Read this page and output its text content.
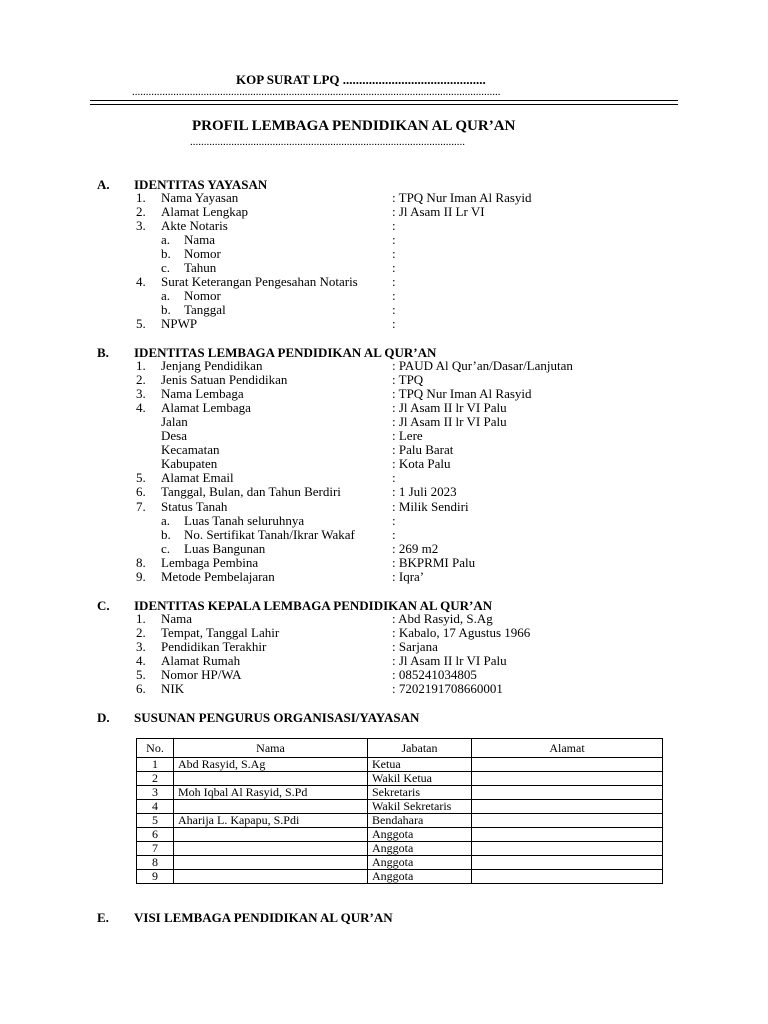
KOP SURAT LPQ ............................................
......................................................................................................................................
PROFIL LEMBAGA PENDIDIKAN AL QUR’AN
....................................................................................................
A. IDENTITAS YAYASAN
1. Nama Yayasan	: TPQ Nur Iman Al Rasyid
2. Alamat Lengkap	: Jl Asam II Lr VI
3. Akte Notaris	:
a. Nama	:
b. Nomor	:
c. Tahun	:
4. Surat Keterangan Pengesahan Notaris	:
a. Nomor	:
b. Tanggal	:
5. NPWP	:
B. IDENTITAS LEMBAGA PENDIDIKAN AL QUR’AN
1. Jenjang Pendidikan	: PAUD Al Qur’an/Dasar/Lanjutan
2. Jenis Satuan Pendidikan	: TPQ
3. Nama Lembaga	: TPQ Nur Iman Al Rasyid
4. Alamat Lembaga	: Jl Asam II lr VI Palu
Jalan	: Jl Asam II lr VI Palu
Desa	: Lere
Kecamatan	: Palu Barat
Kabupaten	: Kota Palu
5. Alamat Email	:
6. Tanggal, Bulan, dan Tahun Berdiri	: 1 Juli 2023
7. Status Tanah	: Milik Sendiri
a. Luas Tanah seluruhnya	:
b. No. Sertifikat Tanah/Ikrar Wakaf	:
c. Luas Bangunan	: 269 m2
8. Lembaga Pembina	: BKPRMI Palu
9. Metode Pembelajaran	: Iqra’
C. IDENTITAS KEPALA LEMBAGA PENDIDIKAN AL QUR’AN
1. Nama	: Abd Rasyid, S.Ag
2. Tempat, Tanggal Lahir	: Kabalo, 17 Agustus 1966
3. Pendidikan Terakhir	: Sarjana
4. Alamat Rumah	: Jl Asam II lr VI Palu
5. Nomor HP/WA	: 085241034805
6. NIK	: 7202191708660001
D. SUSUNAN PENGURUS ORGANISASI/YAYASAN
No.	Nama	Jabatan	Alamat
1	Abd Rasyid, S.Ag	Ketua	
2		Wakil Ketua	
3	Moh Iqbal Al Rasyid, S.Pd	Sekretaris	
4		Wakil Sekretaris	
5	Aharija L. Kapapu, S.Pdi	Bendahara	
6		Anggota	
7		Anggota	
8		Anggota	
9		Anggota	
E. VISI LEMBAGA PENDIDIKAN AL QUR’AN
